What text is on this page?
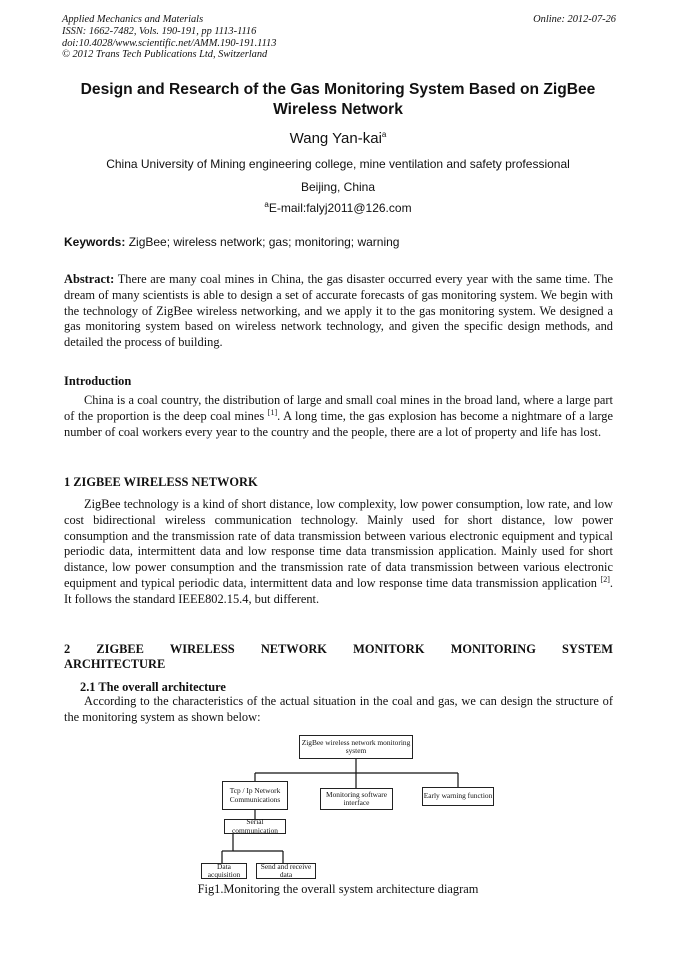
Applied Mechanics and Materials
ISSN: 1662-7482, Vols. 190-191, pp 1113-1116
doi:10.4028/www.scientific.net/AMM.190-191.1113
© 2012 Trans Tech Publications Ltd, Switzerland
Online: 2012-07-26
Design and Research of the Gas Monitoring System Based on ZigBee Wireless Network
Wang Yan-kai$^a$
China University of Mining engineering college, mine ventilation and safety professional
Beijing, China
$^a$E-mail:falyj2011@126.com
Keywords: ZigBee; wireless network; gas; monitoring; warning

Abstract: There are many coal mines in China, the gas disaster occurred every year with the same time. The dream of many scientists is able to design a set of accurate forecasts of gas monitoring system. We begin with the technology of ZigBee wireless networking, and we apply it to the gas monitoring system. We designed a gas monitoring system based on wireless network technology, and given the specific design methods, and detailed the process of building.

Introduction

China is a coal country, the distribution of large and small coal mines in the broad land, where a large part of the proportion is the deep coal mines [1]. A long time, the gas explosion has become a nightmare of a large number of coal workers every year to the country and the people, there are a lot of property and life has lost.

1 ZIGBEE WIRELESS NETWORK

ZigBee technology is a kind of short distance, low complexity, low power consumption, low rate, and low cost bidirectional wireless communication technology. Mainly used for short distance, low power consumption and the transmission rate of data transmission between various electronic equipment and typical periodic data, intermittent data and low response time data transmission application. Mainly used for short distance, low power consumption and the transmission rate of data transmission between various electronic equipment and typical periodic data, intermittent data and low response time data transmission application [2]. It follows the standard IEEE802.15.4, but different.

2 ZIGBEE WIRELESS NETWORK MONITORK MONITORING SYSTEM
ARCHITECTURE
2.1 The overall architecture

According to the characteristics of the actual situation in the coal and gas, we can design the structure of the monitoring system as shown below:

ZigBee wireless network monitoring system
Tcp / Ip Network Communications
Monitoring software interface
Early warning function
Serial communication
Data acquisition
Send and receive data
Fig1.Monitoring the overall system architecture diagram
